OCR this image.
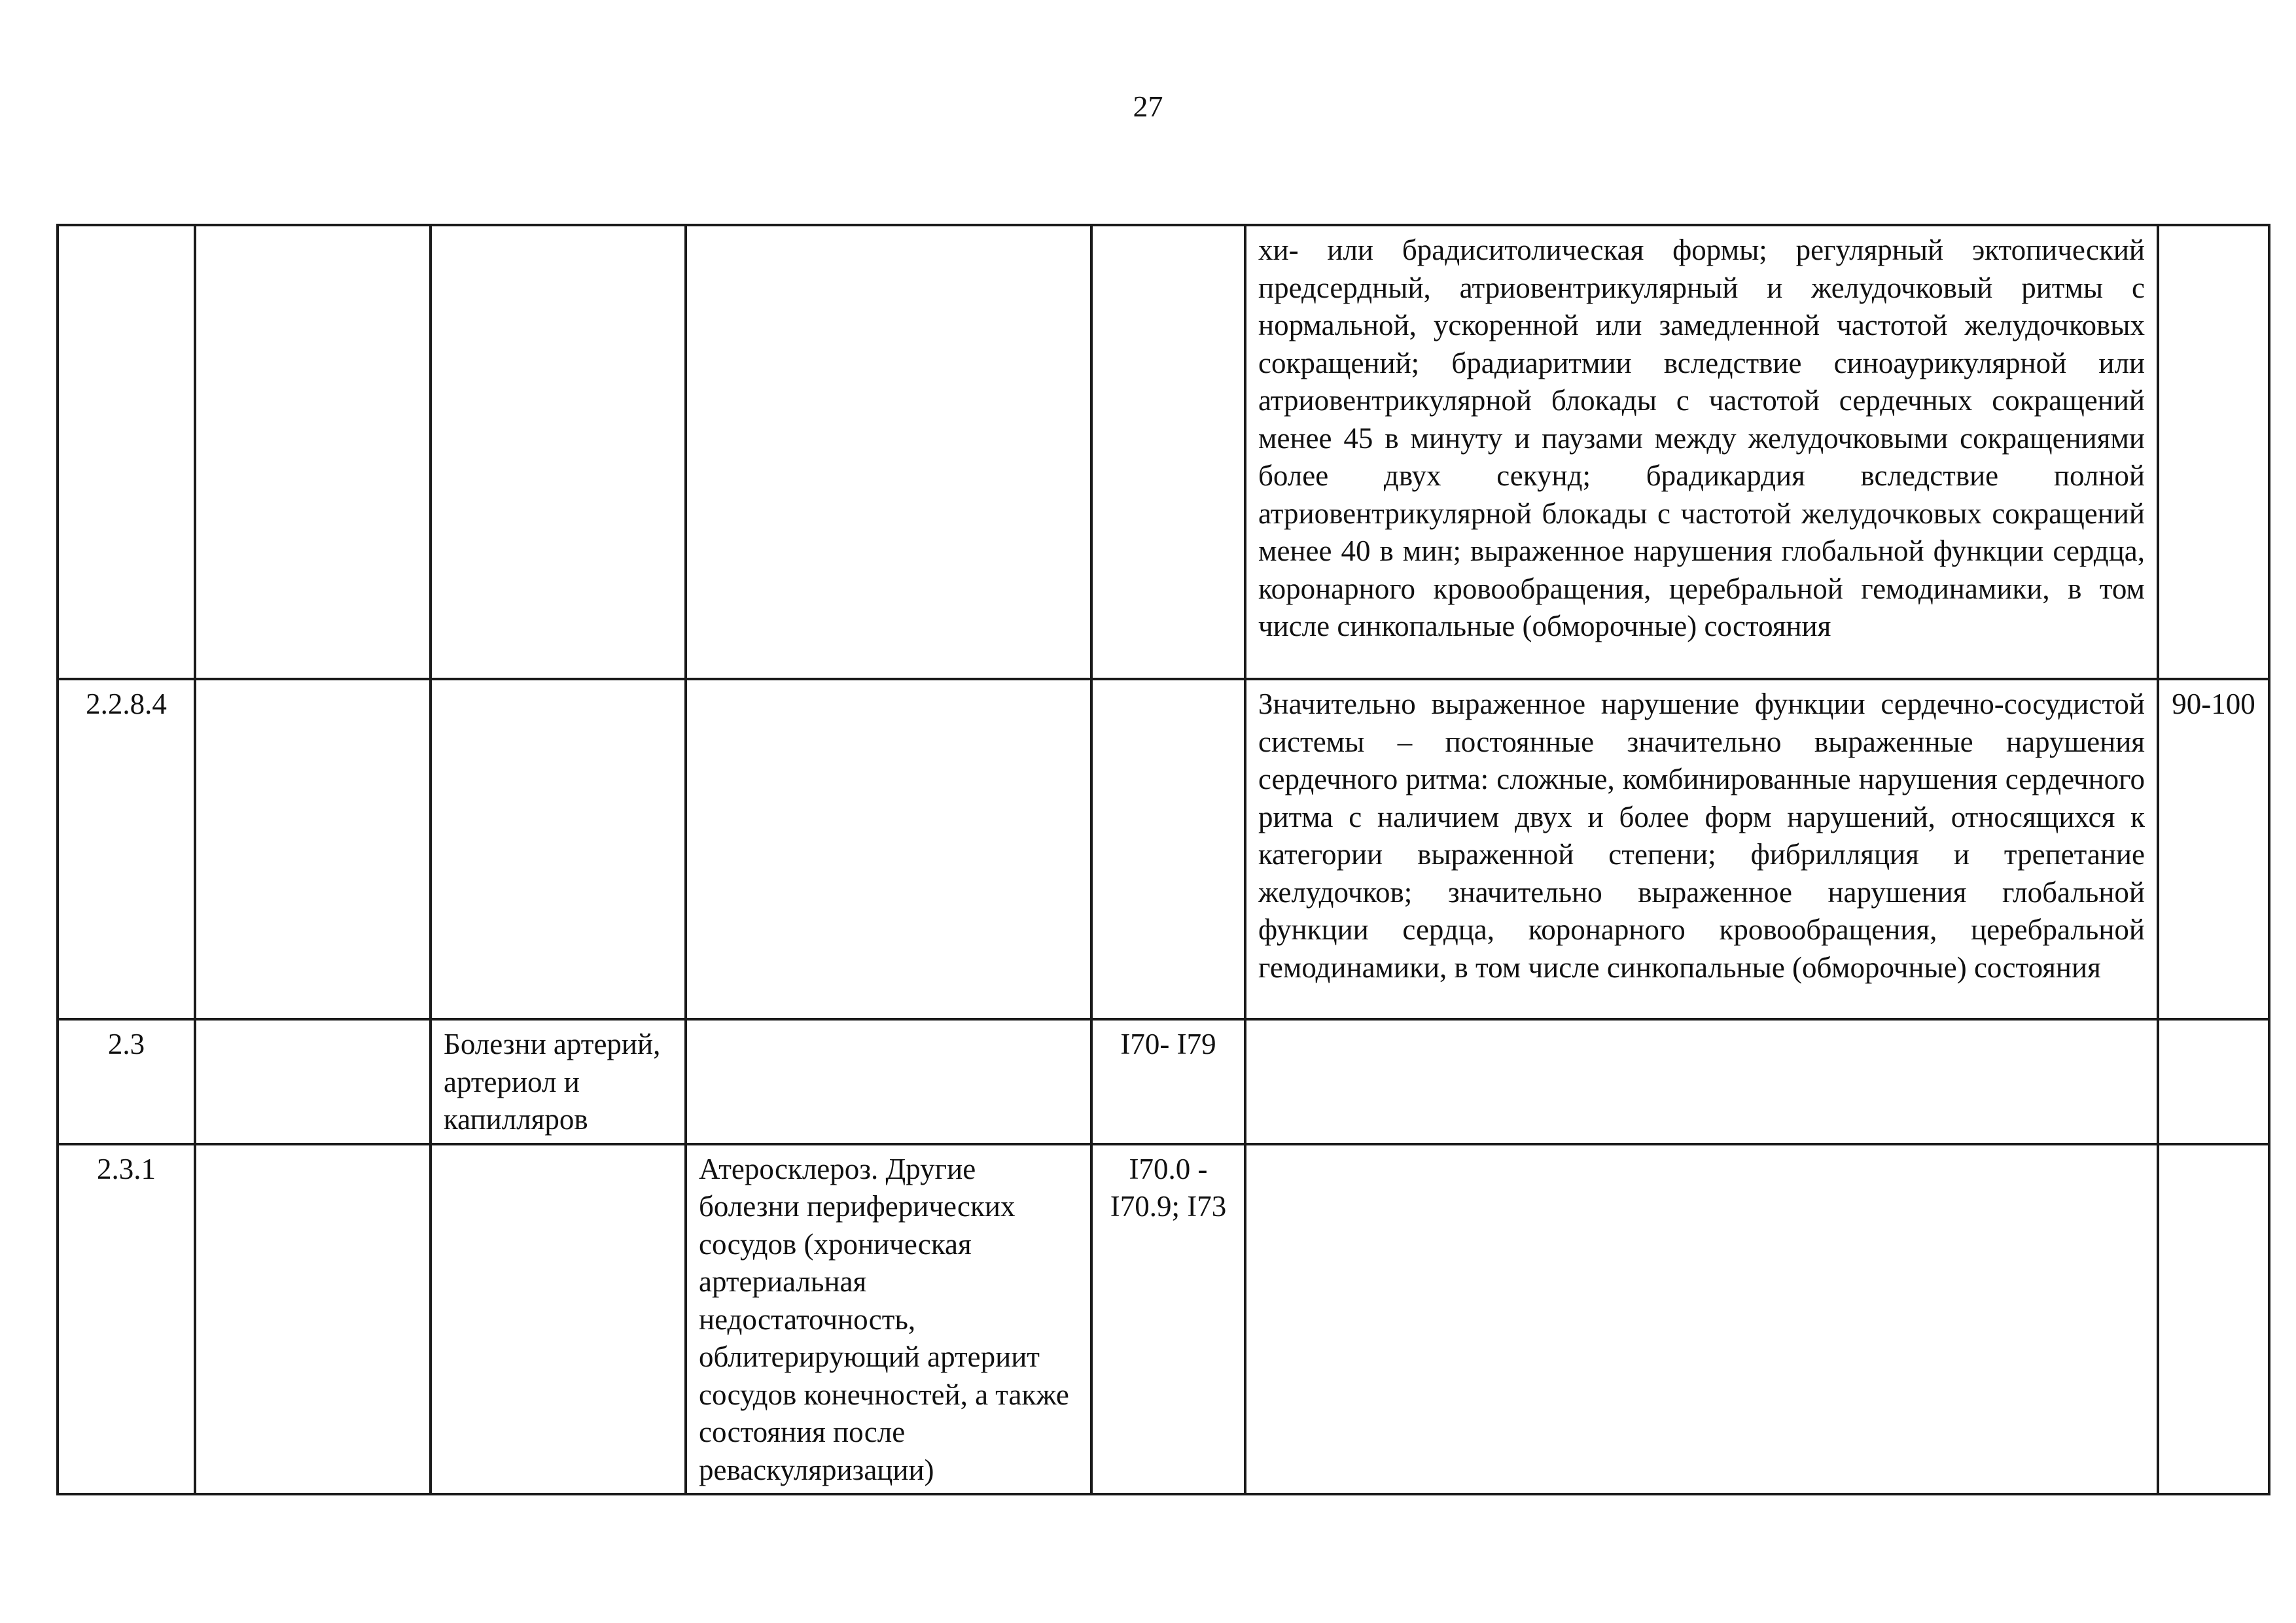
27
					хи- или брадиситолическая формы; регулярный эктопический предсердный, атриовентрикулярный и желудочковый ритмы с нормальной, ускоренной или замедленной частотой желудочковых сокращений; брадиаритмии вследствие синоаурикулярной или атриовентрикулярной блокады с частотой сердечных сокращений менее 45 в минуту и паузами между желудочковыми сокращениями более двух секунд; брадикардия вследствие полной атриовентрикулярной блокады с частотой желудочковых сокращений менее 40 в мин; выраженное нарушения глобальной функции сердца, коронарного кровообращения, церебральной гемодинамики, в том числе синкопальные (обморочные) состояния	
2.2.8.4					Значительно выраженное нарушение функции сердечно-сосудистой системы – постоянные значительно выраженные нарушения сердечного ритма: сложные, комбинированные нарушения сердечного ритма с наличием двух и более форм нарушений, относящихся к категории выраженной степени; фибрилляция и трепетание желудочков; значительно выраженное нарушения глобальной функции сердца, коронарного кровообращения, церебральной гемодинамики, в том числе синкопальные (обморочные) состояния	90-100
2.3		Болезни артерий, артериол и капилляров		I70- I79		
2.3.1			Атеросклероз. Другие болезни периферических сосудов (хроническая артериальная недостаточность, облитерирующий артериит сосудов конечностей, а также состояния после реваскуляризации)	I70.0 - I70.9; I73		
